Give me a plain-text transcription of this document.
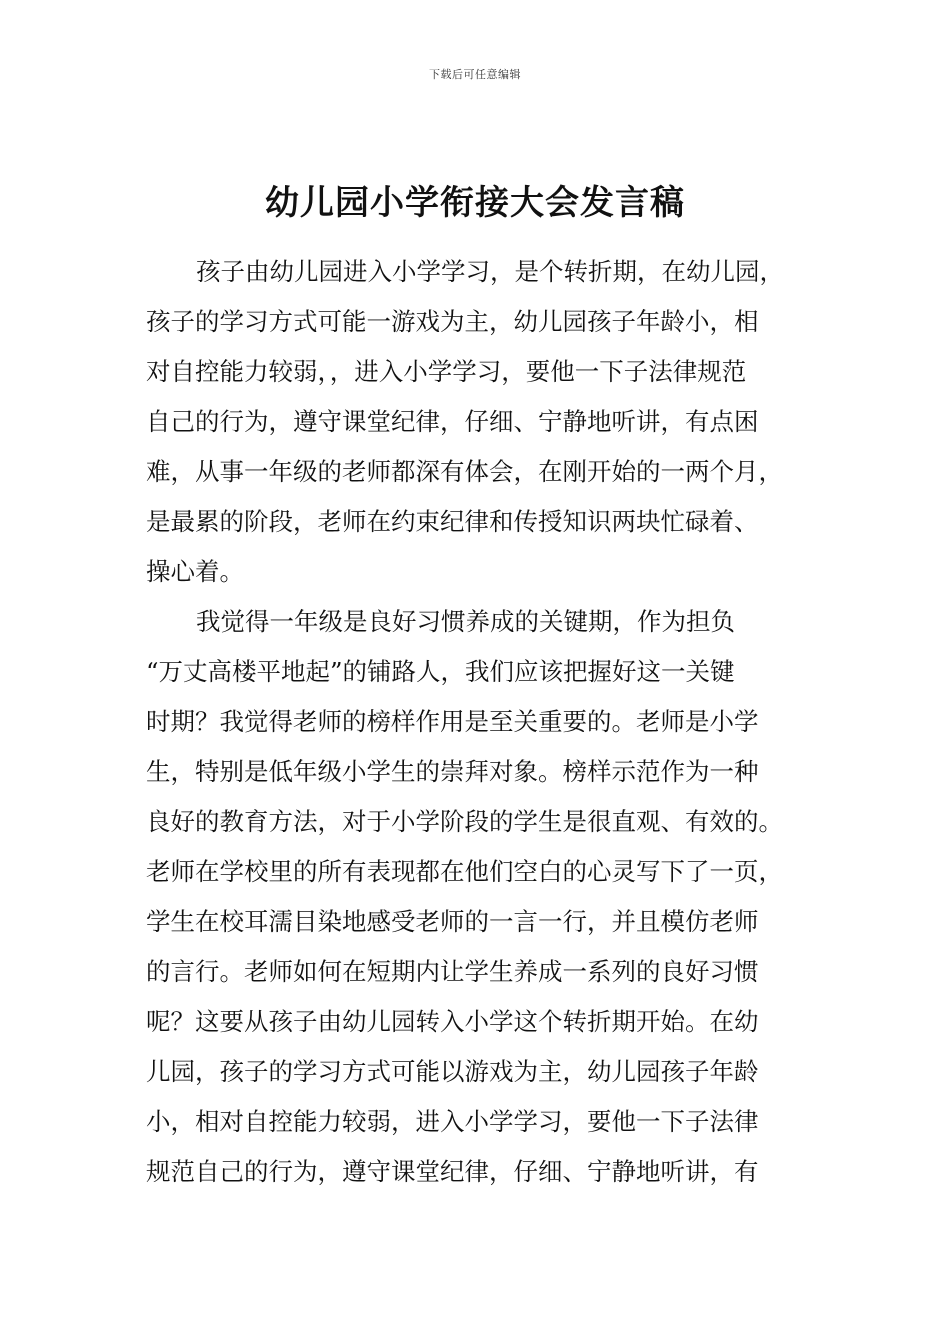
下载后可任意编辑
幼儿园小学衔接大会发言稿
孩子由幼儿园进入小学学习，是个转折期，在幼儿园，
孩子的学习方式可能一游戏为主，幼儿园孩子年龄小，相
对自控能力较弱，，进入小学学习，要他一下子法律规范
自己的行为，遵守课堂纪律，仔细、宁静地听讲，有点困
难，从事一年级的老师都深有体会，在刚开始的一两个月，
是最累的阶段，老师在约束纪律和传授知识两块忙碌着、
操心着。
我觉得一年级是良好习惯养成的关键期，作为担负
“万丈高楼平地起”的铺路人，我们应该把握好这一关键
时期？我觉得老师的榜样作用是至关重要的。老师是小学
生，特别是低年级小学生的崇拜对象。榜样示范作为一种
良好的教育方法，对于小学阶段的学生是很直观、有效的。
老师在学校里的所有表现都在他们空白的心灵写下了一页，
学生在校耳濡目染地感受老师的一言一行，并且模仿老师
的言行。老师如何在短期内让学生养成一系列的良好习惯
呢？这要从孩子由幼儿园转入小学这个转折期开始。在幼
儿园，孩子的学习方式可能以游戏为主，幼儿园孩子年龄
小，相对自控能力较弱，进入小学学习，要他一下子法律
规范自己的行为，遵守课堂纪律，仔细、宁静地听讲，有
